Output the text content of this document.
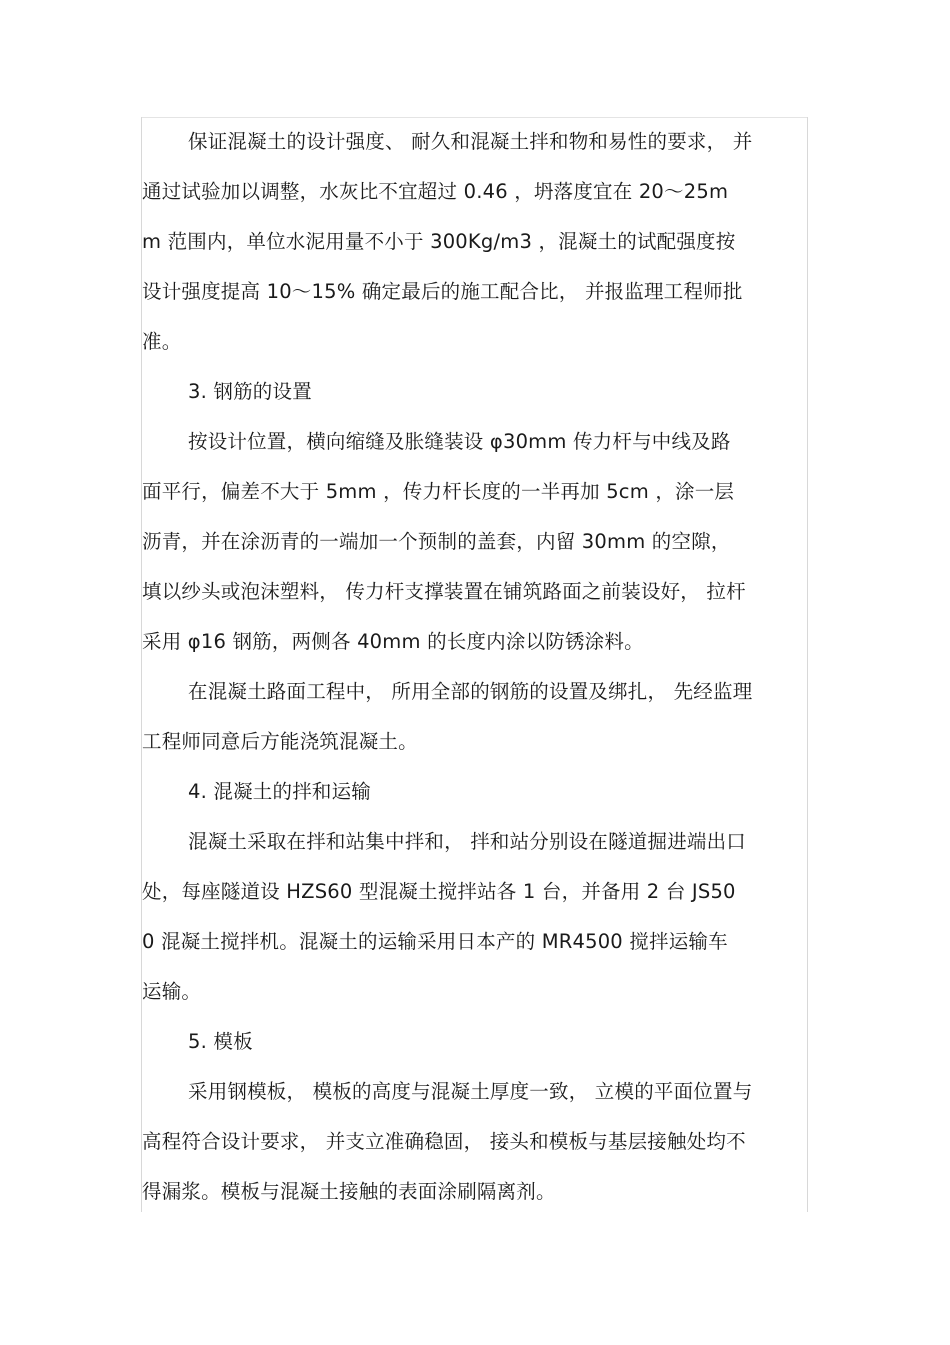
保证混凝土的设计强度、 耐久和混凝土拌和物和易性的要求， 并
通过试验加以调整，水灰比不宜超过 0.46 ，坍落度宜在 20～25m
m 范围内，单位水泥用量不小于 300Kg/m3 ，混凝土的试配强度按
设计强度提高 10～15% 确定最后的施工配合比， 并报监理工程师批
准。
3. 钢筋的设置
按设计位置，横向缩缝及胀缝装设 φ30mm 传力杆与中线及路
面平行，偏差不大于 5mm ，传力杆长度的一半再加 5cm ，涂一层
沥青，并在涂沥青的一端加一个预制的盖套，内留 30mm 的空隙，
填以纱头或泡沫塑料， 传力杆支撑装置在铺筑路面之前装设好， 拉杆
采用 φ16 钢筋，两侧各 40mm 的长度内涂以防锈涂料。
在混凝土路面工程中， 所用全部的钢筋的设置及绑扎， 先经监理
工程师同意后方能浇筑混凝土。
4. 混凝土的拌和运输
混凝土采取在拌和站集中拌和， 拌和站分别设在隧道掘进端出口
处，每座隧道设 HZS60 型混凝土搅拌站各 1 台，并备用 2 台 JS50
0 混凝土搅拌机。混凝土的运输采用日本产的 MR4500 搅拌运输车
运输。
5. 模板
采用钢模板， 模板的高度与混凝土厚度一致， 立模的平面位置与
高程符合设计要求， 并支立准确稳固， 接头和模板与基层接触处均不
得漏浆。模板与混凝土接触的表面涂刷隔离剂。
